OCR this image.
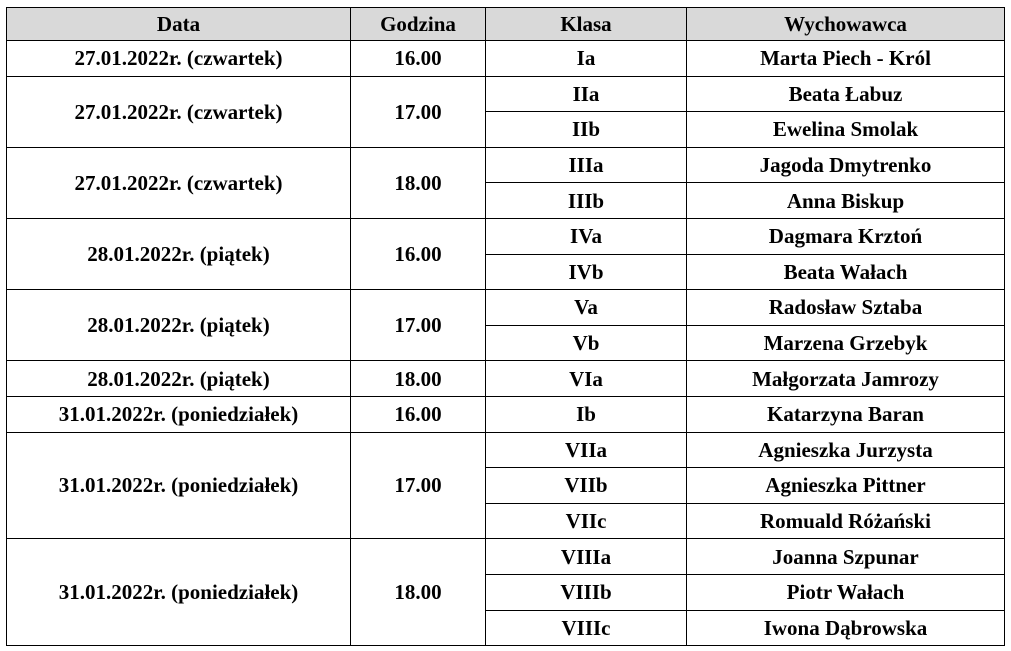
Data	Godzina	Klasa	Wychowawca
27.01.2022r. (czwartek)	16.00	Ia	Marta Piech - Król
27.01.2022r. (czwartek)	17.00	IIa	Beata Łabuz
		IIb	Ewelina Smolak
27.01.2022r. (czwartek)	18.00	IIIa	Jagoda Dmytrenko
		IIIb	Anna Biskup
28.01.2022r. (piątek)	16.00	IVa	Dagmara Krztoń
		IVb	Beata Wałach
28.01.2022r. (piątek)	17.00	Va	Radosław Sztaba
		Vb	Marzena Grzebyk
28.01.2022r. (piątek)	18.00	VIa	Małgorzata Jamrozy
31.01.2022r. (poniedziałek)	16.00	Ib	Katarzyna Baran
31.01.2022r. (poniedziałek)	17.00	VIIa	Agnieszka Jurzysta
		VIIb	Agnieszka Pittner
		VIIc	Romuald Różański
31.01.2022r. (poniedziałek)	18.00	VIIIa	Joanna Szpunar
		VIIIb	Piotr Wałach
		VIIIc	Iwona Dąbrowska
